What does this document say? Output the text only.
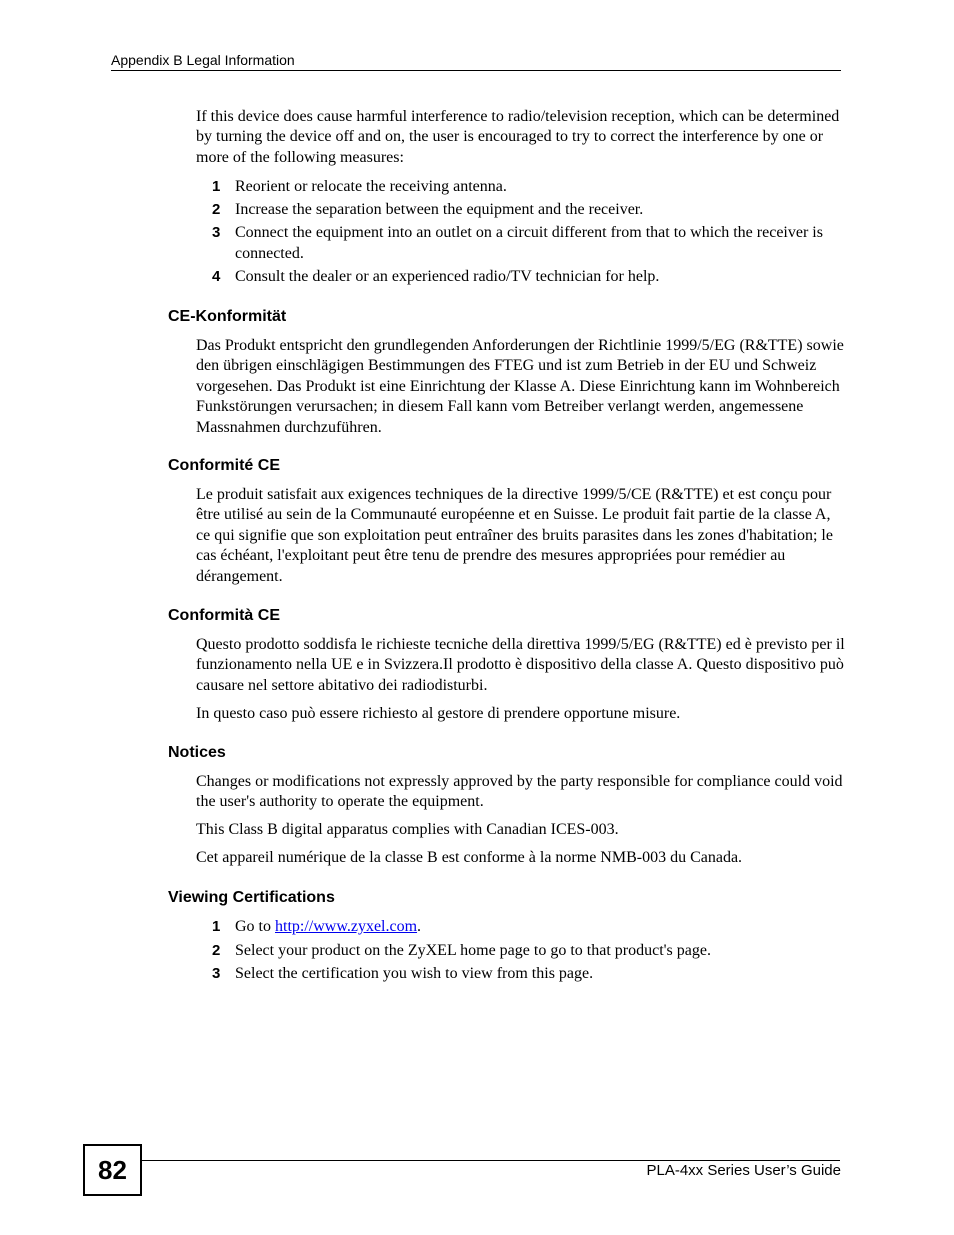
Appendix B Legal Information
If this device does cause harmful interference to radio/television reception, which can be determined by turning the device off and on, the user is encouraged to try to correct the interference by one or more of the following measures:
1 Reorient or relocate the receiving antenna.
2 Increase the separation between the equipment and the receiver.
3 Connect the equipment into an outlet on a circuit different from that to which the receiver is connected.
4 Consult the dealer or an experienced radio/TV technician for help.
CE-Konformität
Das Produkt entspricht den grundlegenden Anforderungen der Richtlinie 1999/5/EG (R&TTE) sowie den übrigen einschlägigen Bestimmungen des FTEG und ist zum Betrieb in der EU und Schweiz vorgesehen. Das Produkt ist eine Einrichtung der Klasse A. Diese Einrichtung kann im Wohnbereich Funkstörungen verursachen; in diesem Fall kann vom Betreiber verlangt werden, angemessene Massnahmen durchzuführen.
Conformité CE
Le produit satisfait aux exigences techniques de la directive 1999/5/CE (R&TTE) et est conçu pour être utilisé au sein de la Communauté européenne et en Suisse. Le produit fait partie de la classe A, ce qui signifie que son exploitation peut entraîner des bruits parasites dans les zones d'habitation; le cas échéant, l'exploitant peut être tenu de prendre des mesures appropriées pour remédier au dérangement.
Conformità CE
Questo prodotto soddisfa le richieste tecniche della direttiva 1999/5/EG (R&TTE) ed è previsto per il funzionamento nella UE e in Svizzera.Il prodotto è dispositivo della classe A. Questo dispositivo può causare nel settore abitativo dei radiodisturbi.
In questo caso può essere richiesto al gestore di prendere opportune misure.
Notices
Changes or modifications not expressly approved by the party responsible for compliance could void the user's authority to operate the equipment.
This Class B digital apparatus complies with Canadian ICES-003.
Cet appareil numérique de la classe B est conforme à la norme NMB-003 du Canada.
Viewing Certifications
1 Go to http://www.zyxel.com.
2 Select your product on the ZyXEL home page to go to that product's page.
3 Select the certification you wish to view from this page.
82	PLA-4xx Series User’s Guide
